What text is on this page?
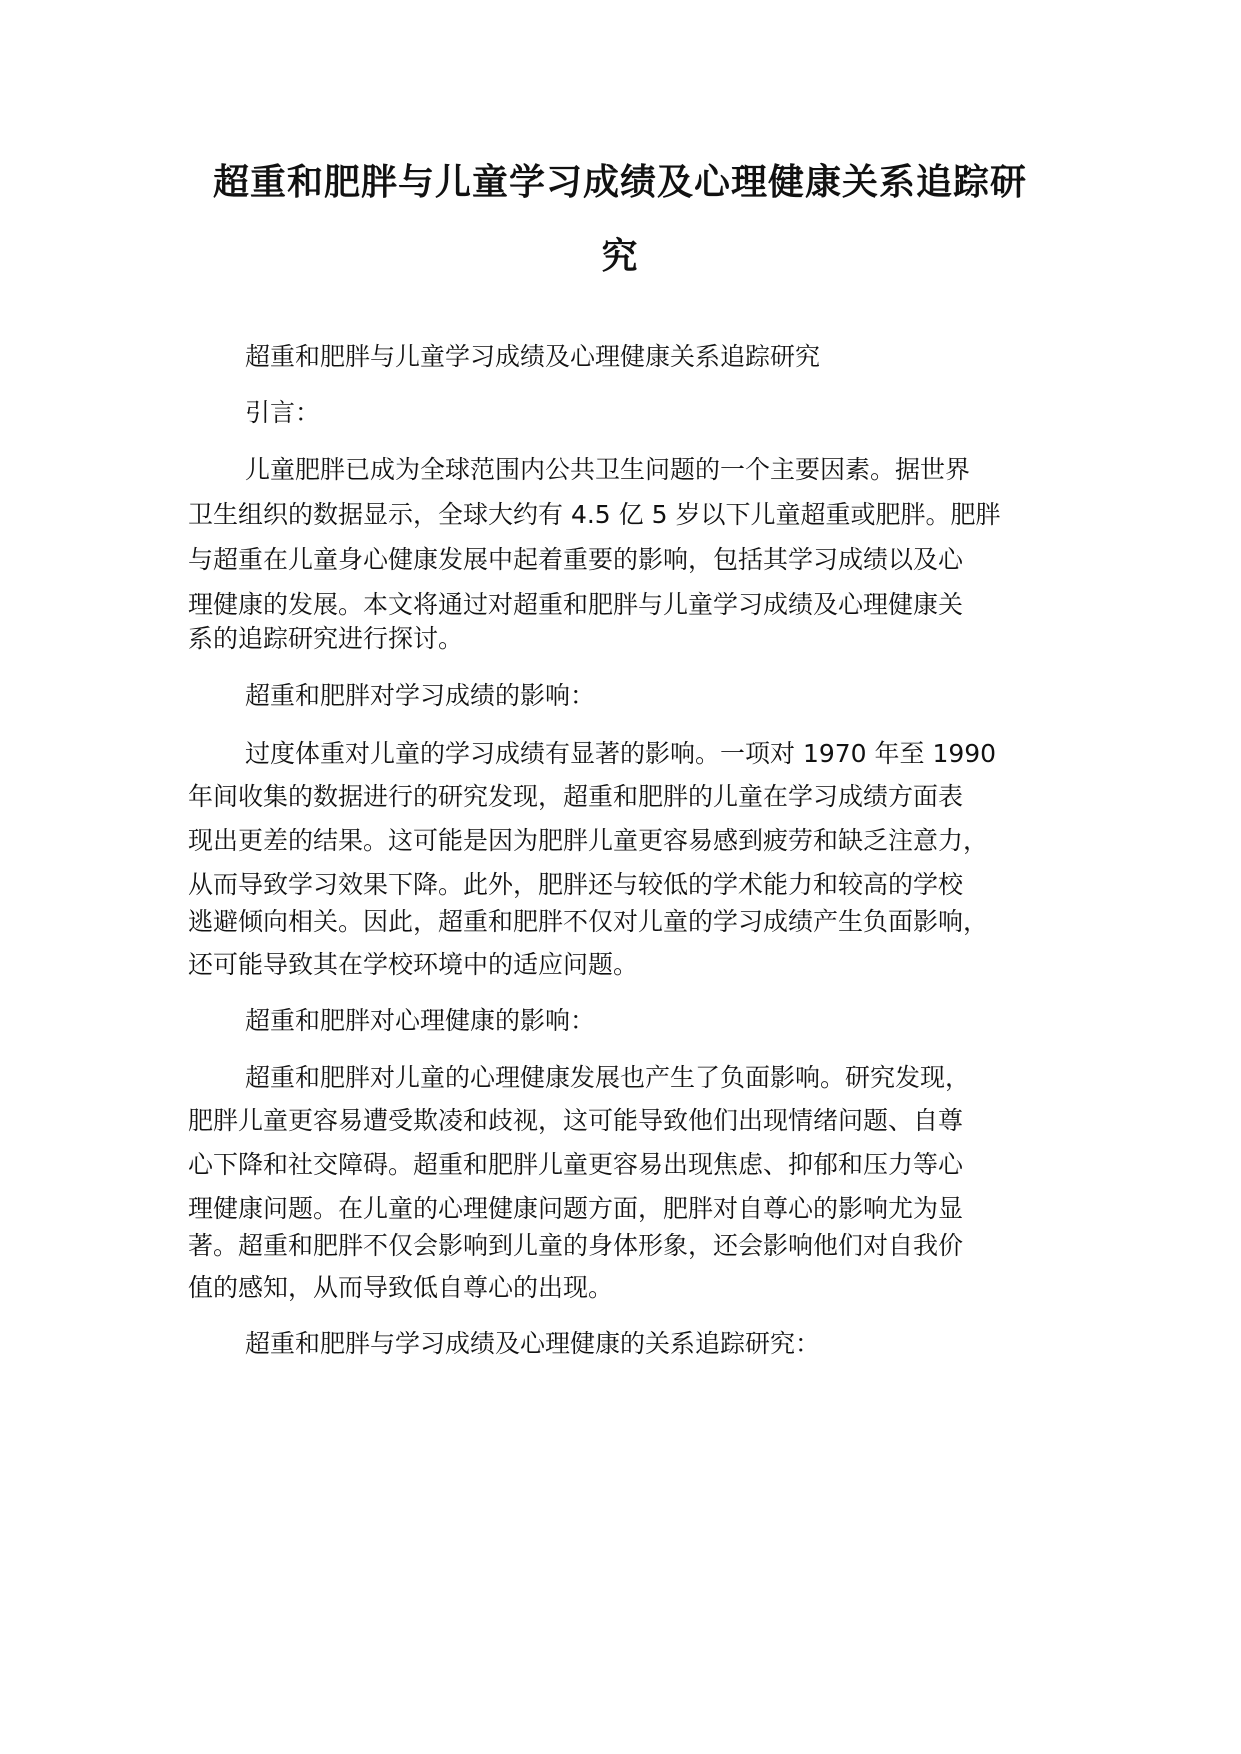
超重和肥胖与儿童学习成绩及心理健康关系追踪研
究
超重和肥胖与儿童学习成绩及心理健康关系追踪研究
引言：
儿童肥胖已成为全球范围内公共卫生问题的一个主要因素。据世界
卫生组织的数据显示，全球大约有 4.5 亿 5 岁以下儿童超重或肥胖。肥胖
与超重在儿童身心健康发展中起着重要的影响，包括其学习成绩以及心
理健康的发展。本文将通过对超重和肥胖与儿童学习成绩及心理健康关
系的追踪研究进行探讨。
超重和肥胖对学习成绩的影响：
过度体重对儿童的学习成绩有显著的影响。一项对 1970 年至 1990
年间收集的数据进行的研究发现，超重和肥胖的儿童在学习成绩方面表
现出更差的结果。这可能是因为肥胖儿童更容易感到疲劳和缺乏注意力，
从而导致学习效果下降。此外，肥胖还与较低的学术能力和较高的学校
逃避倾向相关。因此，超重和肥胖不仅对儿童的学习成绩产生负面影响，
还可能导致其在学校环境中的适应问题。
超重和肥胖对心理健康的影响：
超重和肥胖对儿童的心理健康发展也产生了负面影响。研究发现，
肥胖儿童更容易遭受欺凌和歧视，这可能导致他们出现情绪问题、自尊
心下降和社交障碍。超重和肥胖儿童更容易出现焦虑、抑郁和压力等心
理健康问题。在儿童的心理健康问题方面，肥胖对自尊心的影响尤为显
著。超重和肥胖不仅会影响到儿童的身体形象，还会影响他们对自我价
值的感知，从而导致低自尊心的出现。
超重和肥胖与学习成绩及心理健康的关系追踪研究：
